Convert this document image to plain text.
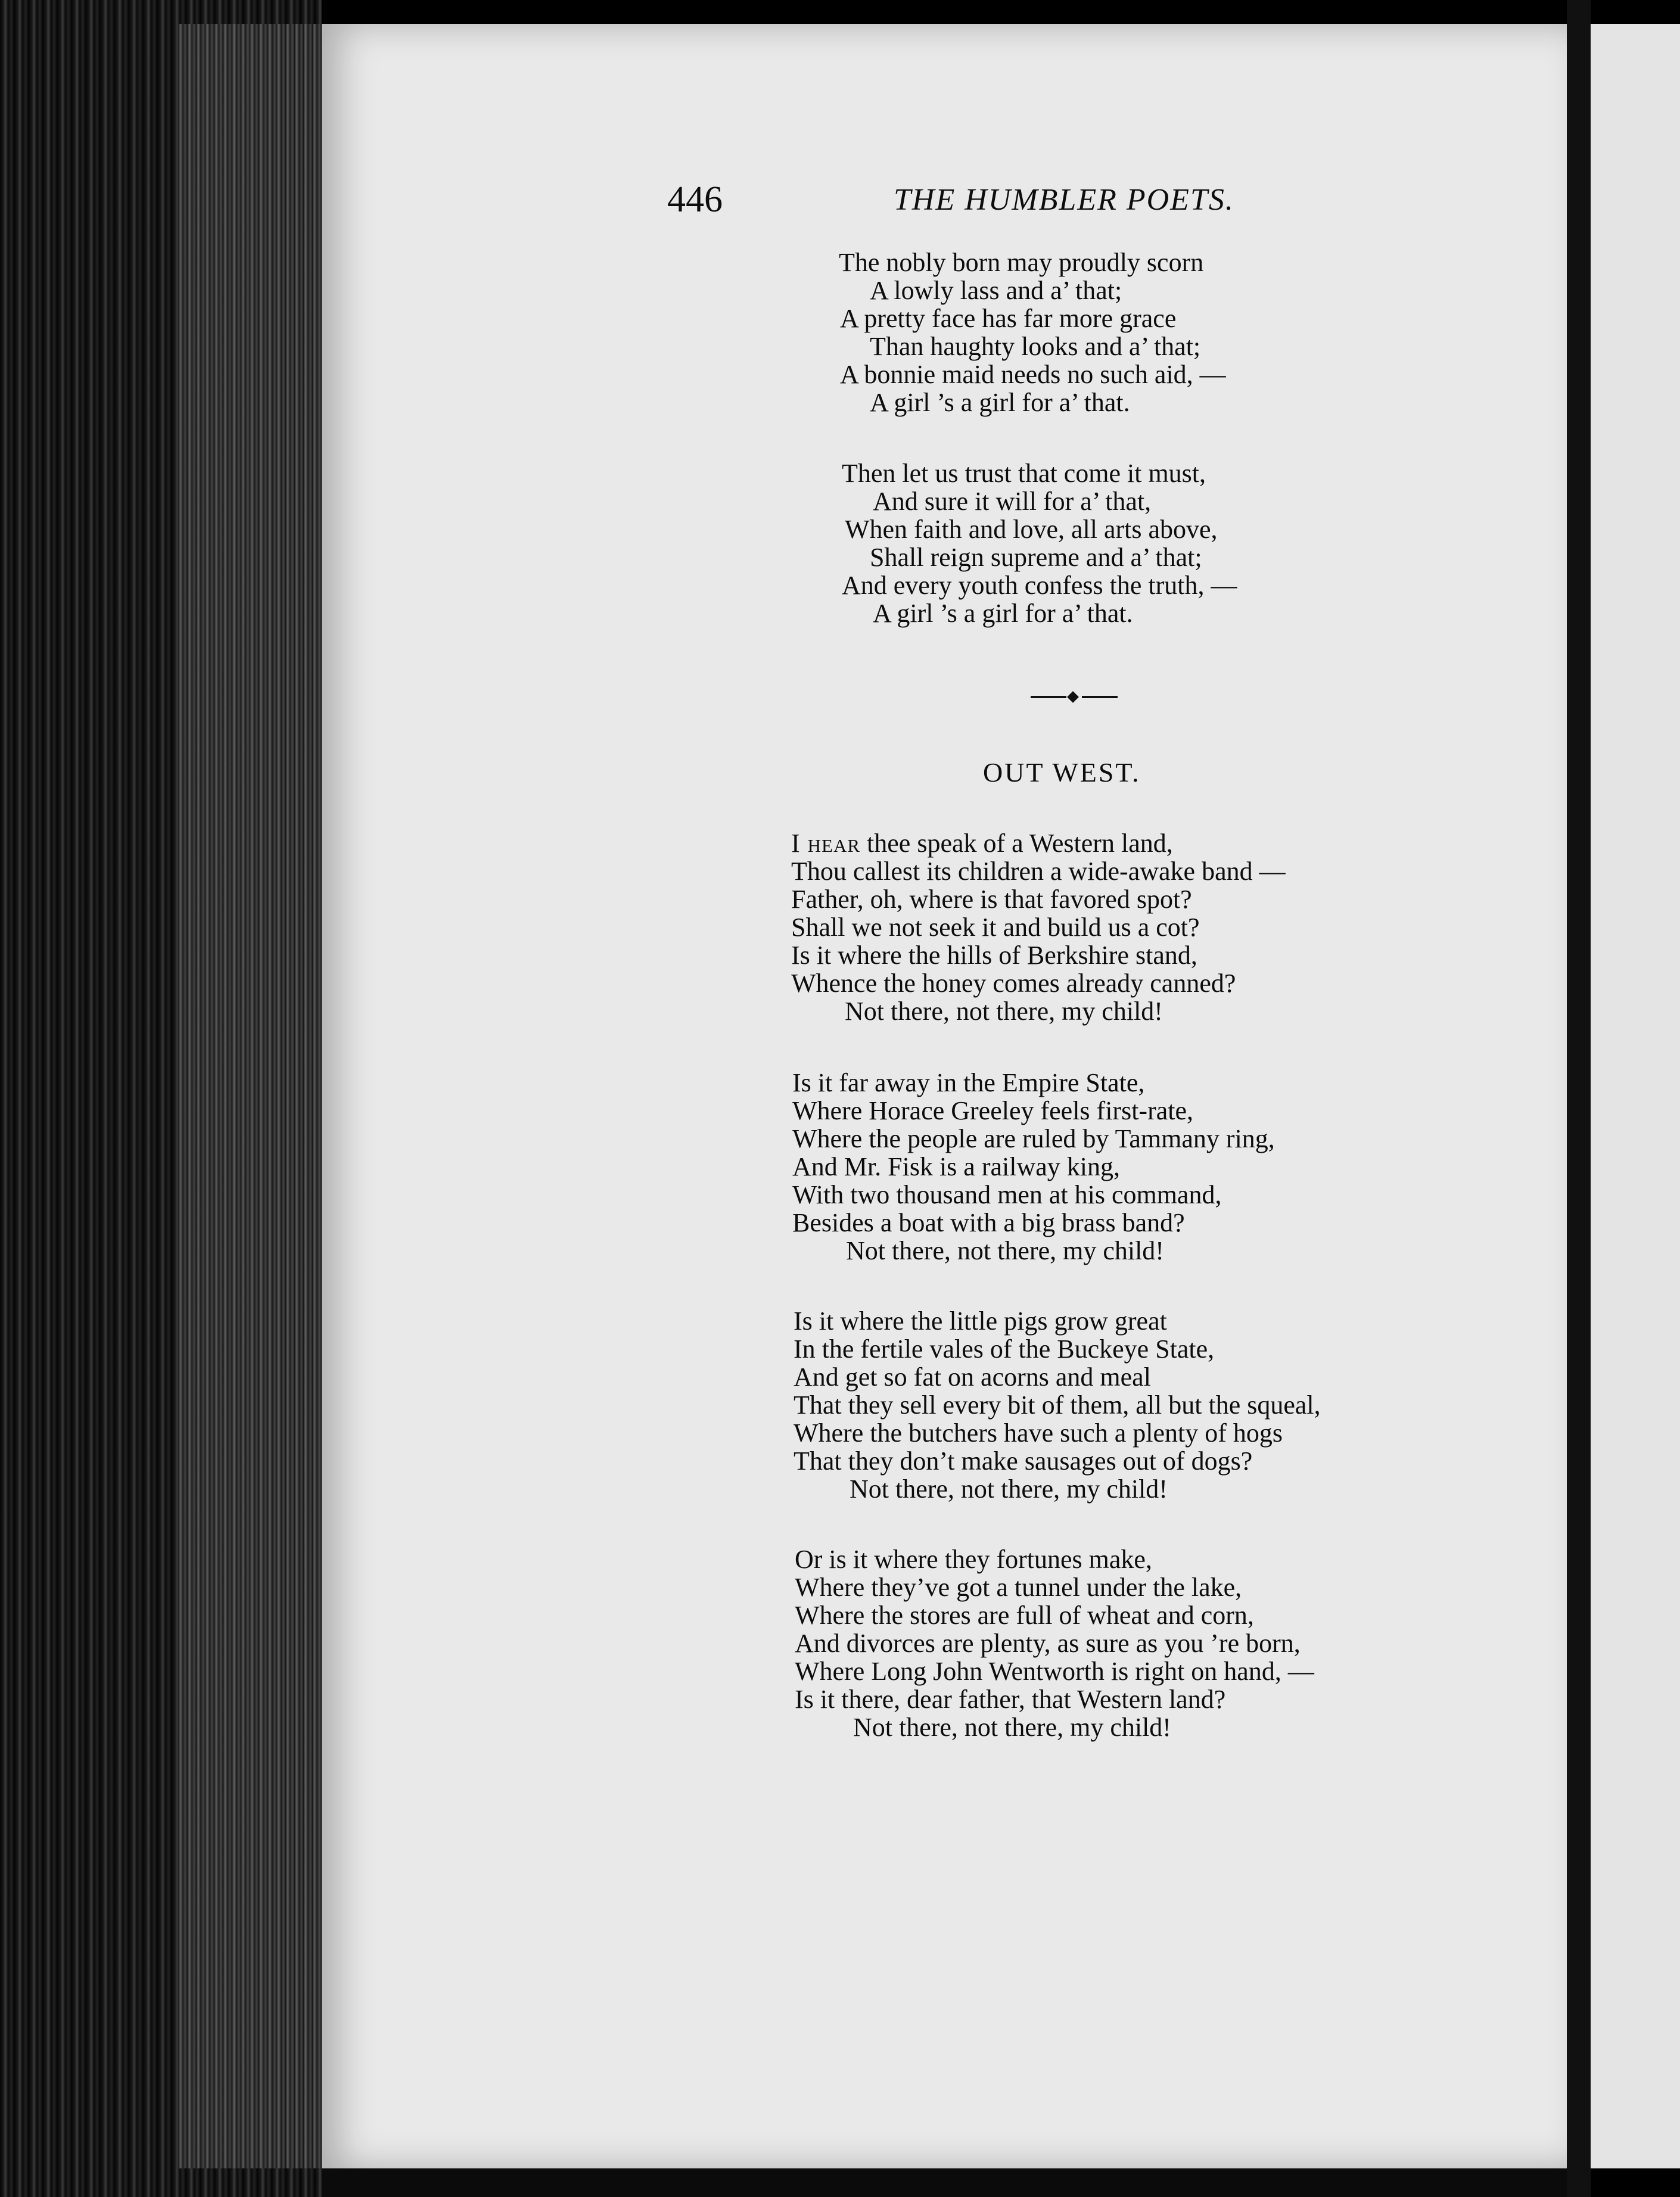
446	THE HUMBLER POETS.
The nobly born may proudly scorn
A lowly lass and a’ that;
A pretty face has far more grace
Than haughty looks and a’ that;
A bonnie maid needs no such aid, —
A girl ’s a girl for a’ that.
Then let us trust that come it must,
And sure it will for a’ that,
When faith and love, all arts above,
Shall reign supreme and a’ that;
And every youth confess the truth, —
A girl ’s a girl for a’ that.
OUT WEST.
I hear thee speak of a Western land,
Thou callest its children a wide-awake band —
Father, oh, where is that favored spot?
Shall we not seek it and build us a cot?
Is it where the hills of Berkshire stand,
Whence the honey comes already canned?
Not there, not there, my child!
Is it far away in the Empire State,
Where Horace Greeley feels first-rate,
Where the people are ruled by Tammany ring,
And Mr. Fisk is a railway king,
With two thousand men at his command,
Besides a boat with a big brass band?
Not there, not there, my child!
Is it where the little pigs grow great
In the fertile vales of the Buckeye State,
And get so fat on acorns and meal
That they sell every bit of them, all but the squeal,
Where the butchers have such a plenty of hogs
That they don’t make sausages out of dogs?
Not there, not there, my child!
Or is it where they fortunes make,
Where they’ve got a tunnel under the lake,
Where the stores are full of wheat and corn,
And divorces are plenty, as sure as you ’re born,
Where Long John Wentworth is right on hand, —
Is it there, dear father, that Western land?
Not there, not there, my child!
